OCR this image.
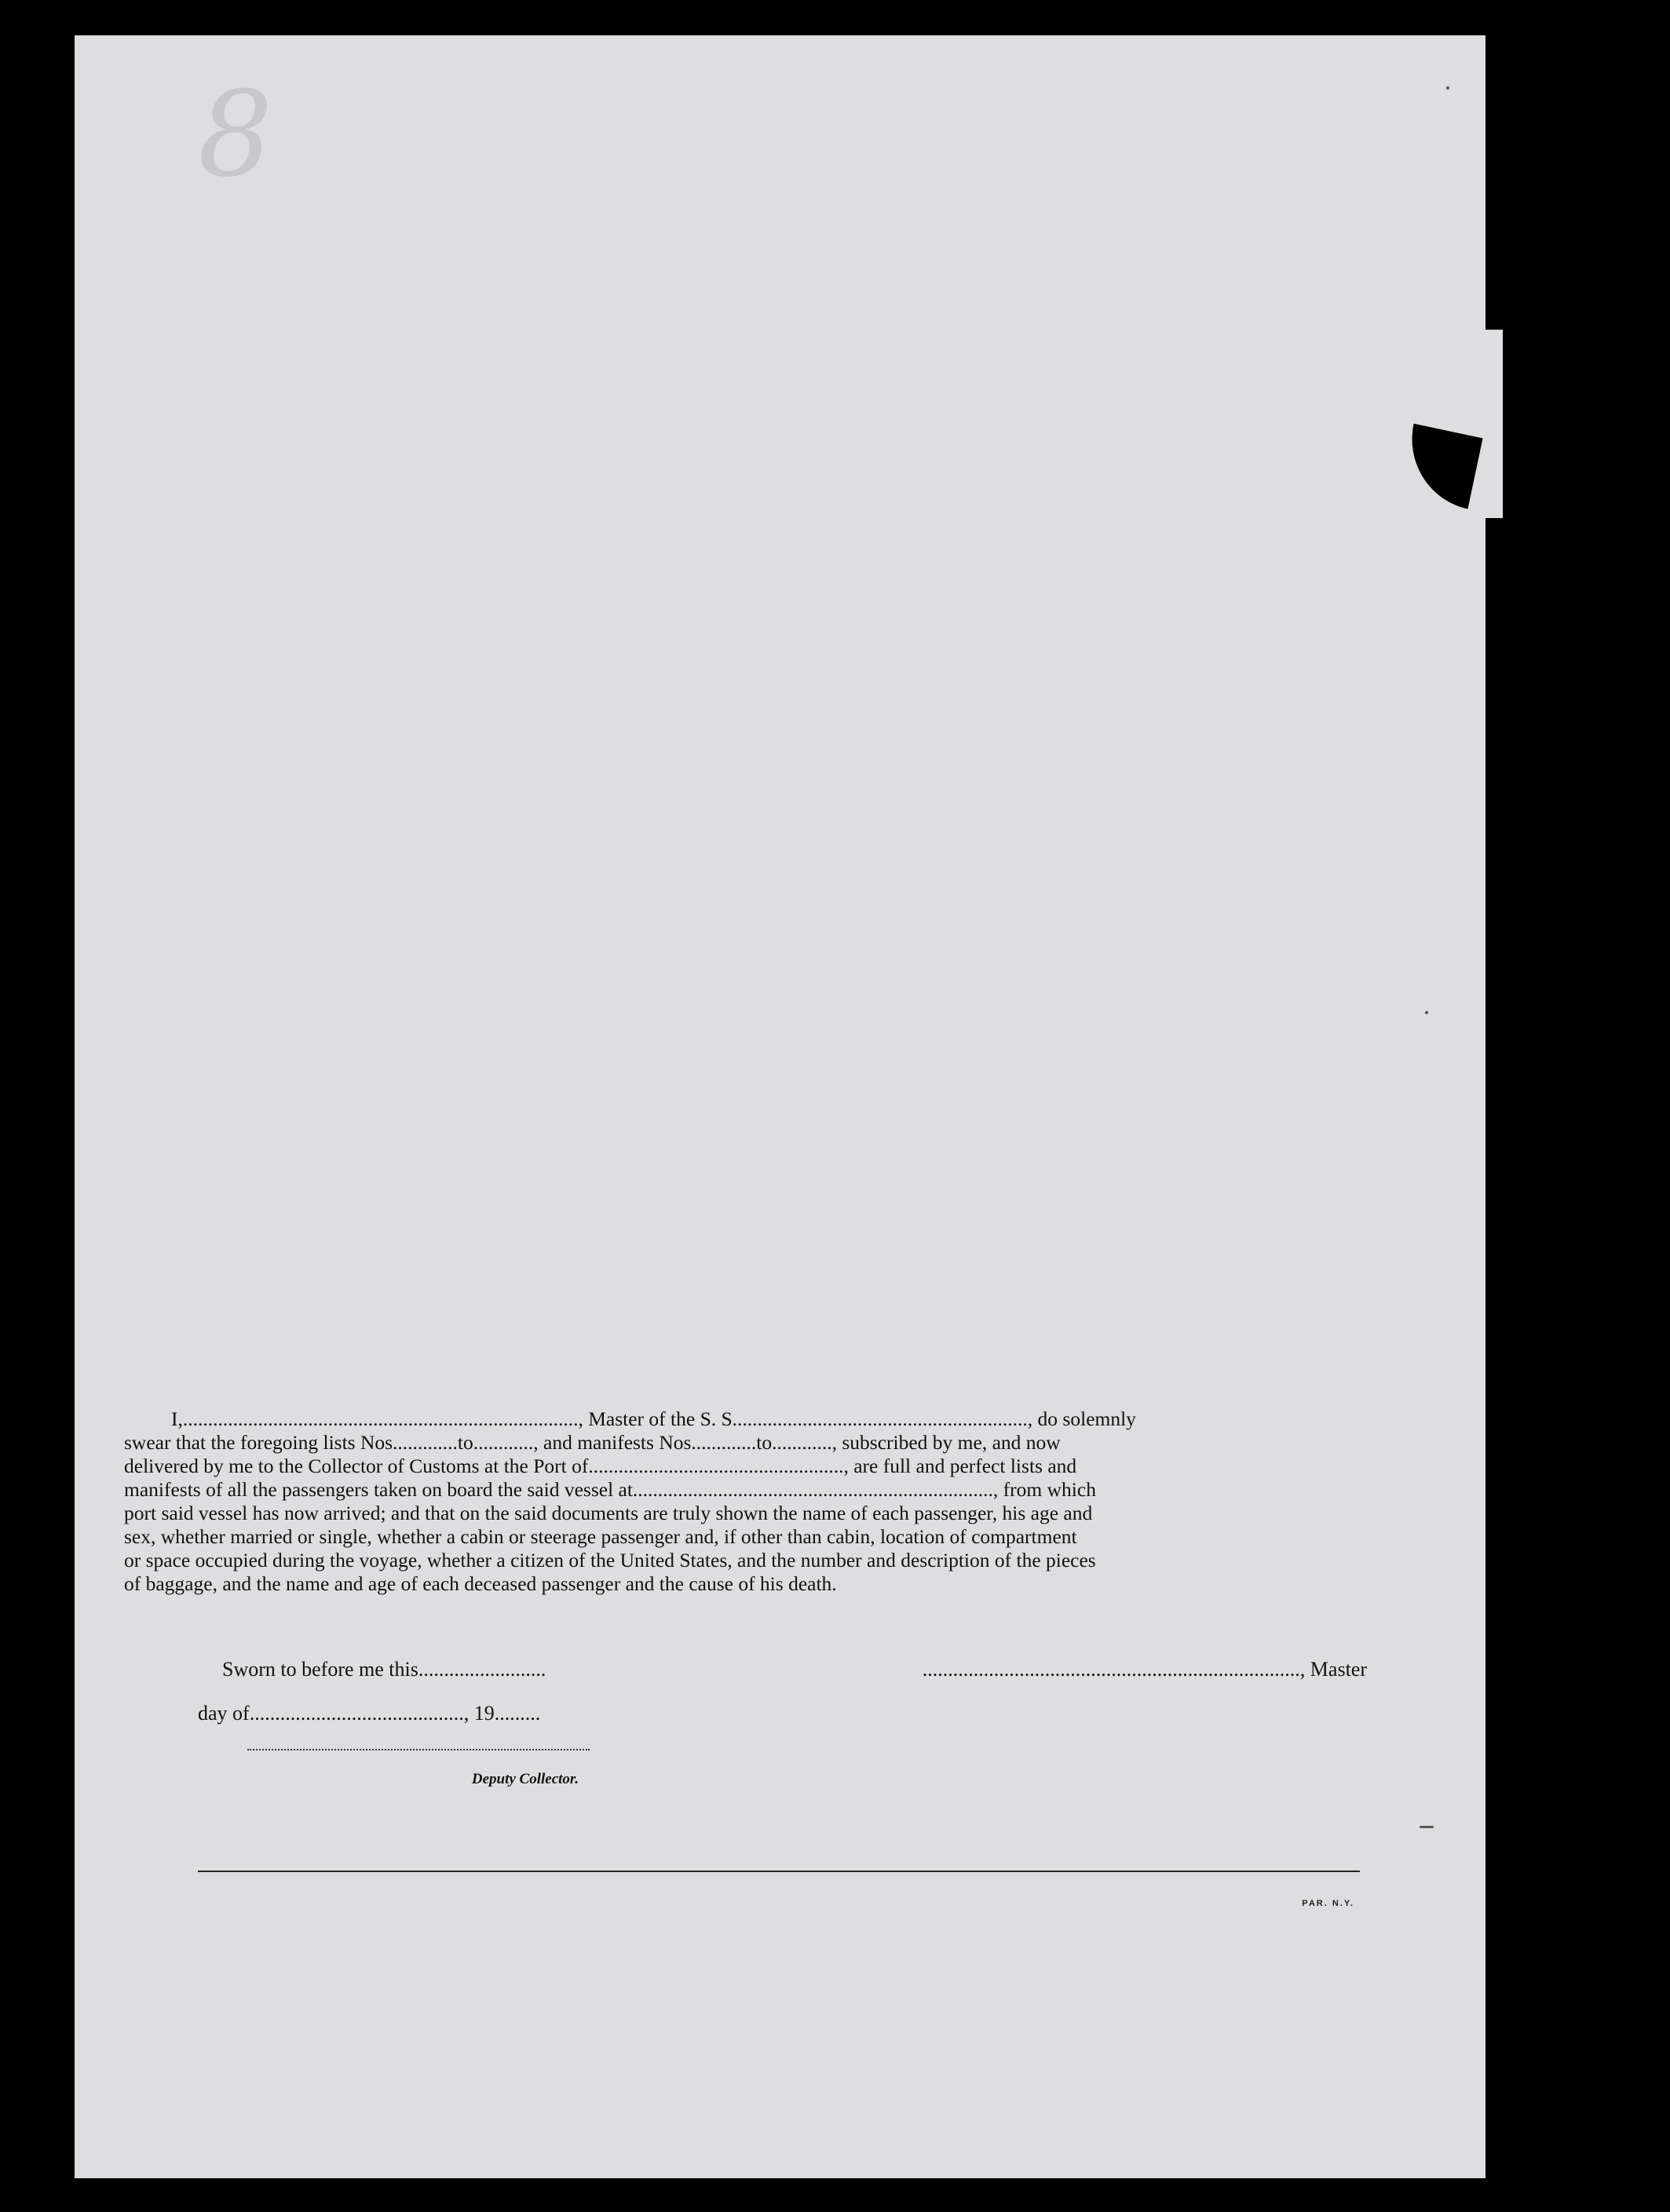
8

I,..............................................................................., Master of the S. S..........................................................., do solemnly

swear that the foregoing lists Nos.............to............, and manifests Nos.............to............, subscribed by me, and now

delivered by me to the Collector of Customs at the Port of..................................................., are full and perfect lists and

manifests of all the passengers taken on board the said vessel at........................................................................, from which

port said vessel has now arrived; and that on the said documents are truly shown the name of each passenger, his age and

sex, whether married or single, whether a cabin or steerage passenger and, if other than cabin, location of compartment

or space occupied during the voyage, whether a citizen of the United States, and the number and description of the pieces

of baggage, and the name and age of each deceased passenger and the cause of his death.

Sworn to before me this.........................	.........................................................................., Master
day of.........................................., 19.........
Deputy Collector.
PAR. N.Y.
